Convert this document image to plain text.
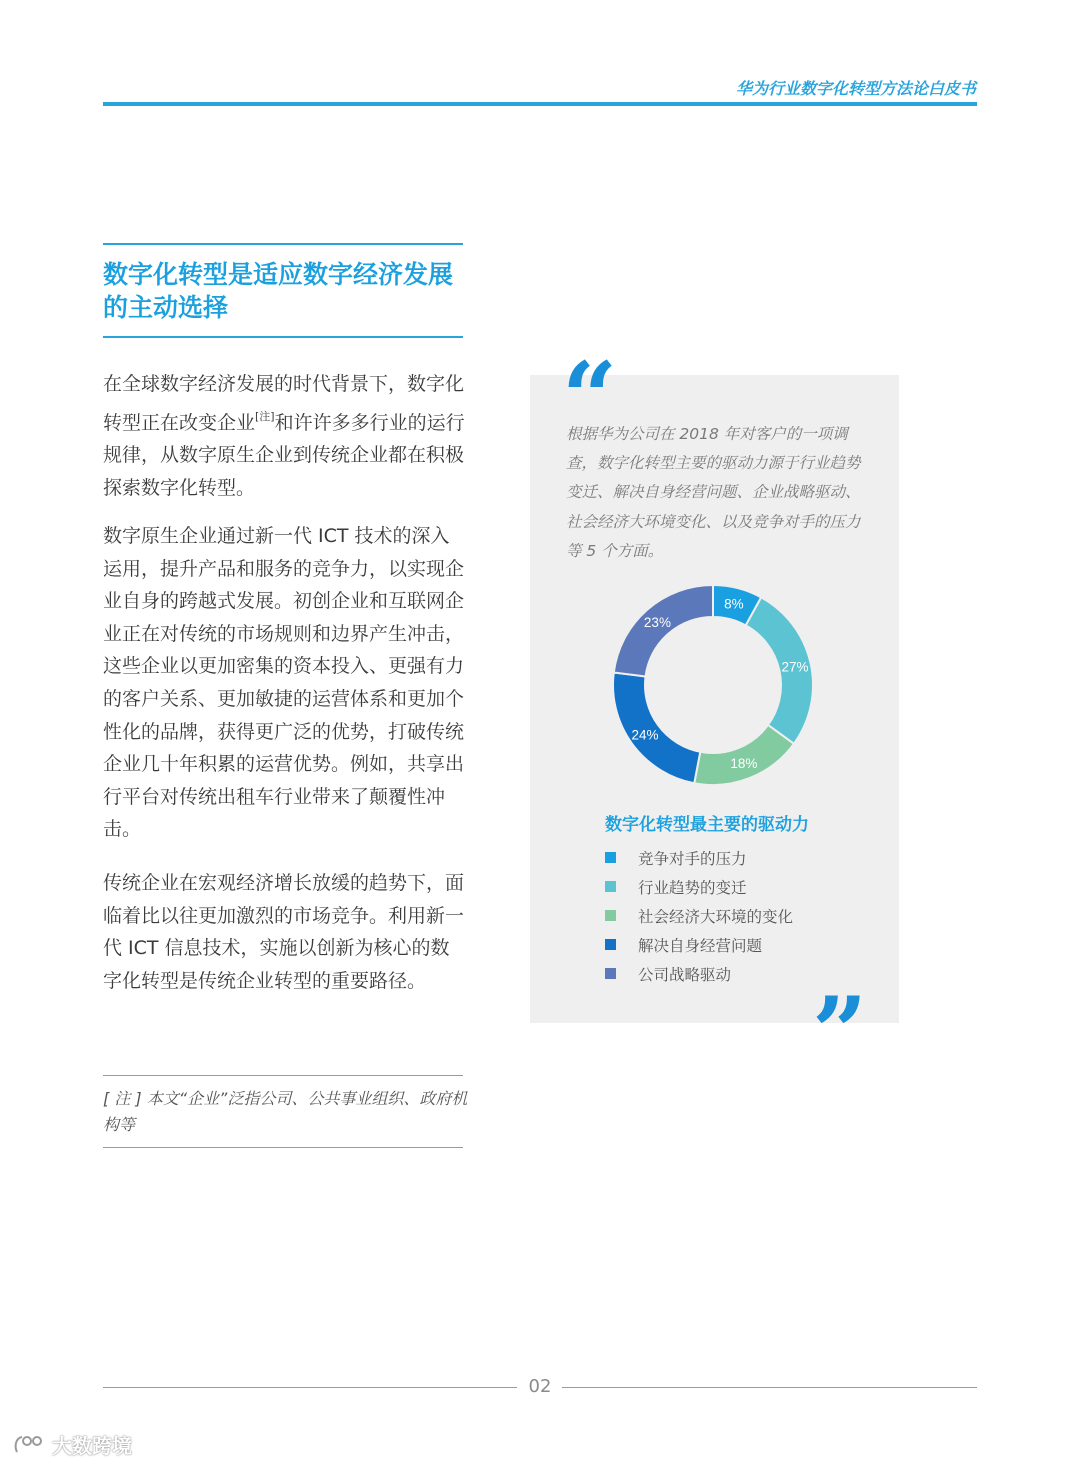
华为行业数字化转型方法论白皮书
数字化转型是适应数字经济发展的主动选择

在全球数字经济发展的时代背景下，数字化转型正在改变企业[注]和许许多多行业的运行规律，从数字原生企业到传统企业都在积极探索数字化转型。

数字原生企业通过新一代 ICT 技术的深入运用，提升产品和服务的竞争力，以实现企业自身的跨越式发展。初创企业和互联网企业正在对传统的市场规则和边界产生冲击，这些企业以更加密集的资本投入、更强有力的客户关系、更加敏捷的运营体系和更加个性化的品牌，获得更广泛的优势，打破传统企业几十年积累的运营优势。例如，共享出行平台对传统出租车行业带来了颠覆性冲击。

传统企业在宏观经济增长放缓的趋势下，面临着比以往更加激烈的市场竞争。利用新一代 ICT 信息技术，实施以创新为核心的数字化转型是传统企业转型的重要路径。

[ 注 ] 本文“企业”泛指公司、公共事业组织、政府机构等

“

根据华为公司在 2018 年对客户的一项调查，数字化转型主要的驱动力源于行业趋势变迁、解决自身经营问题、企业战略驱动、社会经济大环境变化、以及竞争对手的压力等 5 个方面。

8%
27%
18%
24%
23%
数字化转型最主要的驱动力
竞争对手的压力
行业趋势的变迁
社会经济大环境的变化
解决自身经营问题
公司战略驱动
”
02
大数跨境
